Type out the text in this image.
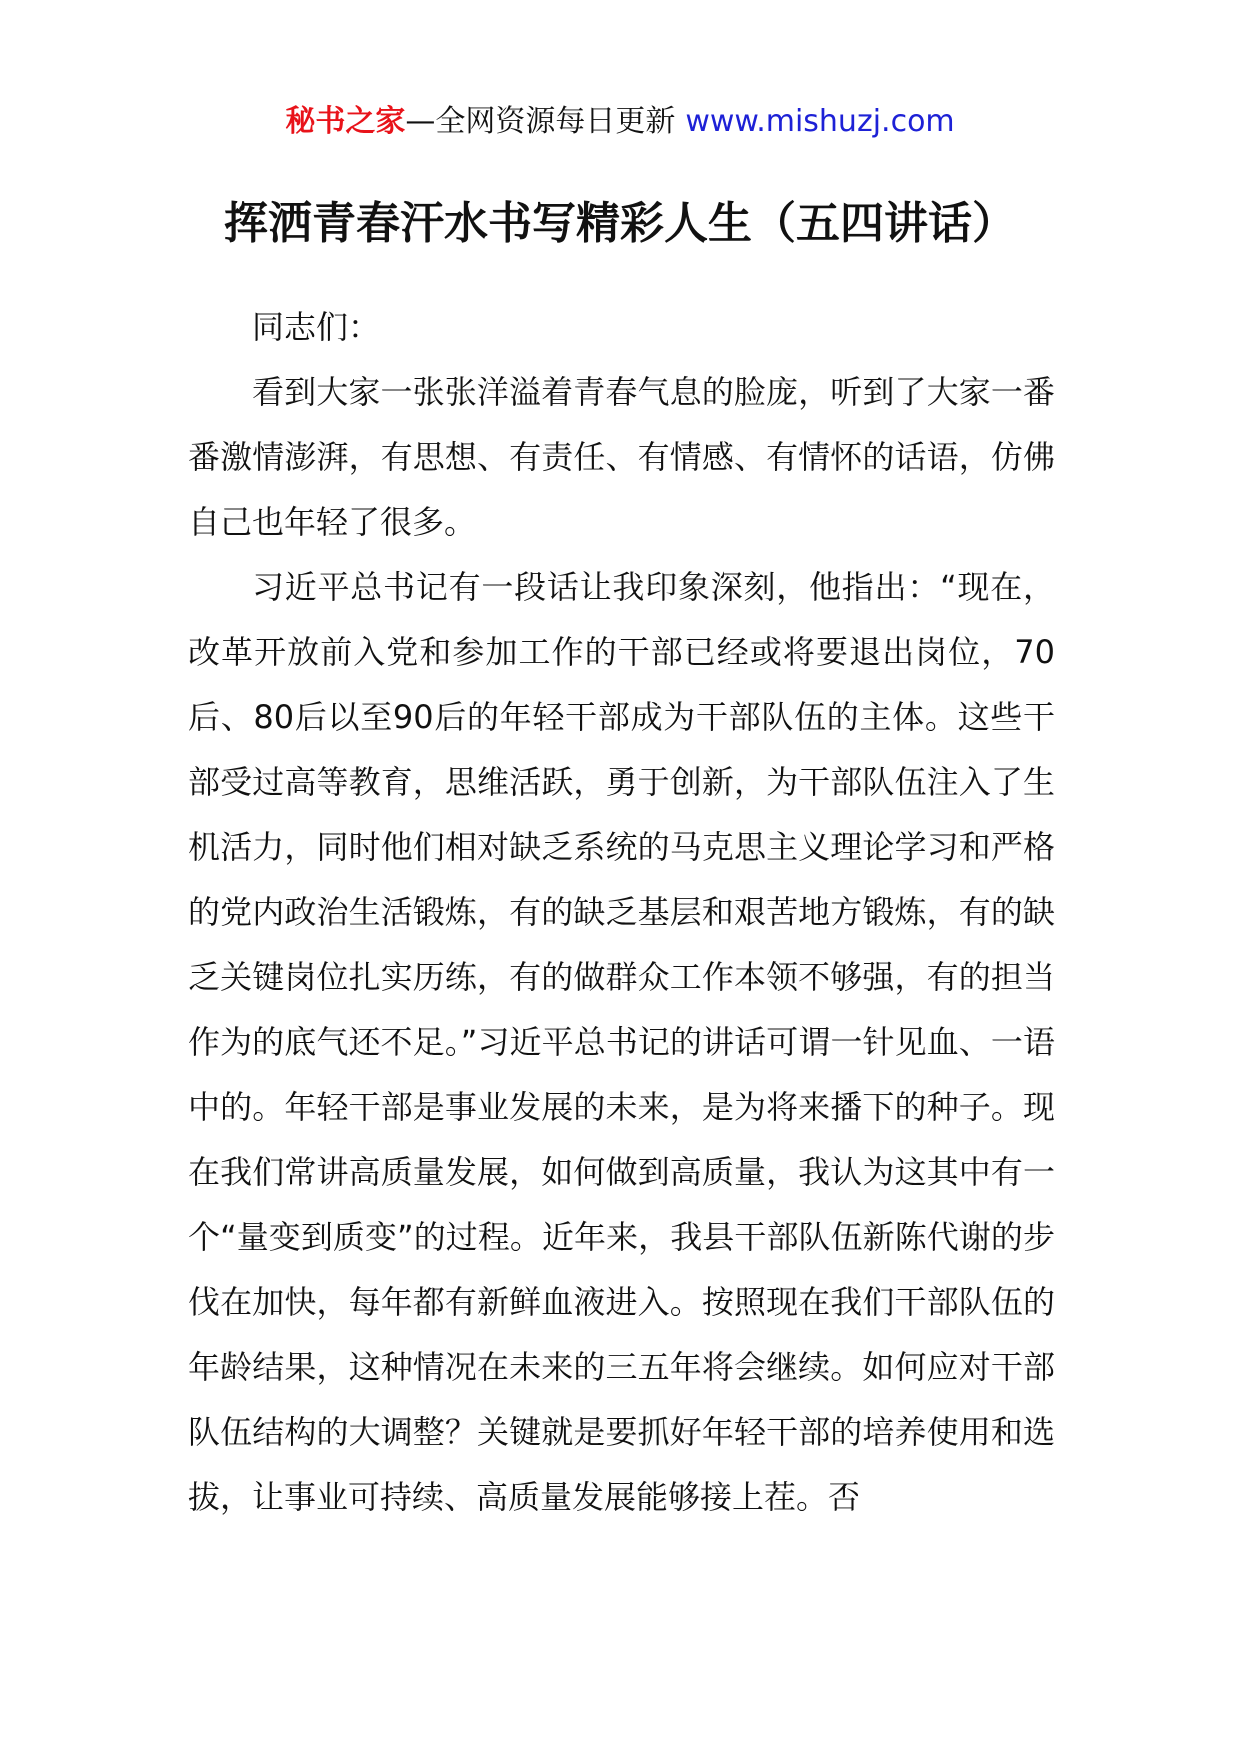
秘书之家—全网资源每日更新 www.mishuzj.com
挥洒青春汗水书写精彩人生（五四讲话）

同志们：

看到大家一张张洋溢着青春气息的脸庞，听到了大家一番番激情澎湃，有思想、有责任、有情感、有情怀的话语，仿佛自己也年轻了很多。

习近平总书记有一段话让我印象深刻，他指出：“现在，改革开放前入党和参加工作的干部已经或将要退出岗位，70后、80后以至90后的年轻干部成为干部队伍的主体。这些干部受过高等教育，思维活跃，勇于创新，为干部队伍注入了生机活力，同时他们相对缺乏系统的马克思主义理论学习和严格的党内政治生活锻炼，有的缺乏基层和艰苦地方锻炼，有的缺乏关键岗位扎实历练，有的做群众工作本领不够强，有的担当作为的底气还不足。”习近平总书记的讲话可谓一针见血、一语中的。年轻干部是事业发展的未来，是为将来播下的种子。现在我们常讲高质量发展，如何做到高质量，我认为这其中有一个“量变到质变”的过程。近年来，我县干部队伍新陈代谢的步伐在加快，每年都有新鲜血液进入。按照现在我们干部队伍的年龄结果，这种情况在未来的三五年将会继续。如何应对干部队伍结构的大调整？关键就是要抓好年轻干部的培养使用和选拔，让事业可持续、高质量发展能够接上茬。否
